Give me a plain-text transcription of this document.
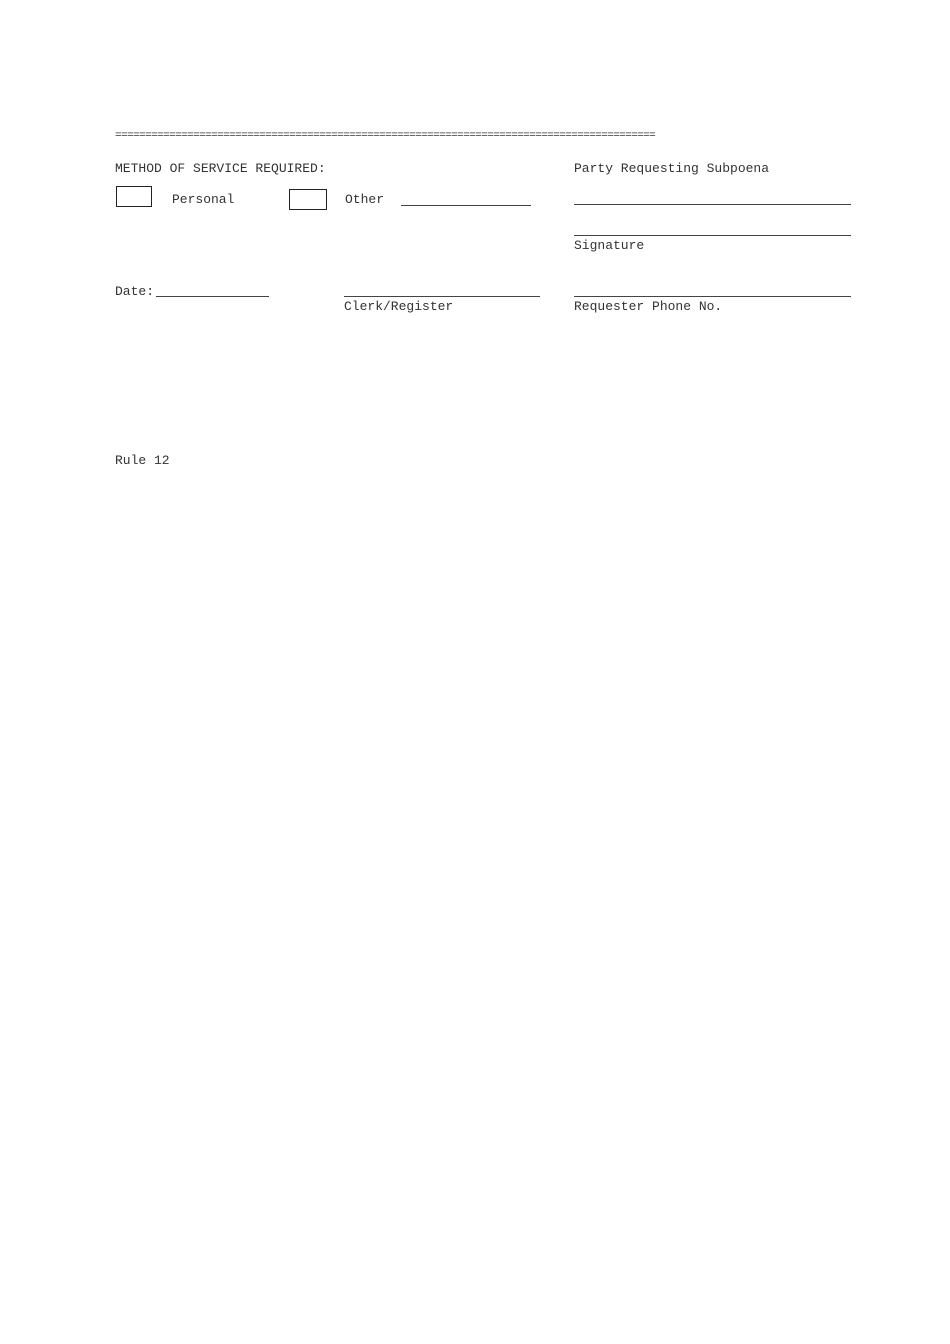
==========================================================================================
METHOD OF SERVICE REQUIRED:
Personal	Other
Party Requesting Subpoena
Signature
Date:
Clerk/Register	Requester Phone No.
Rule 12
